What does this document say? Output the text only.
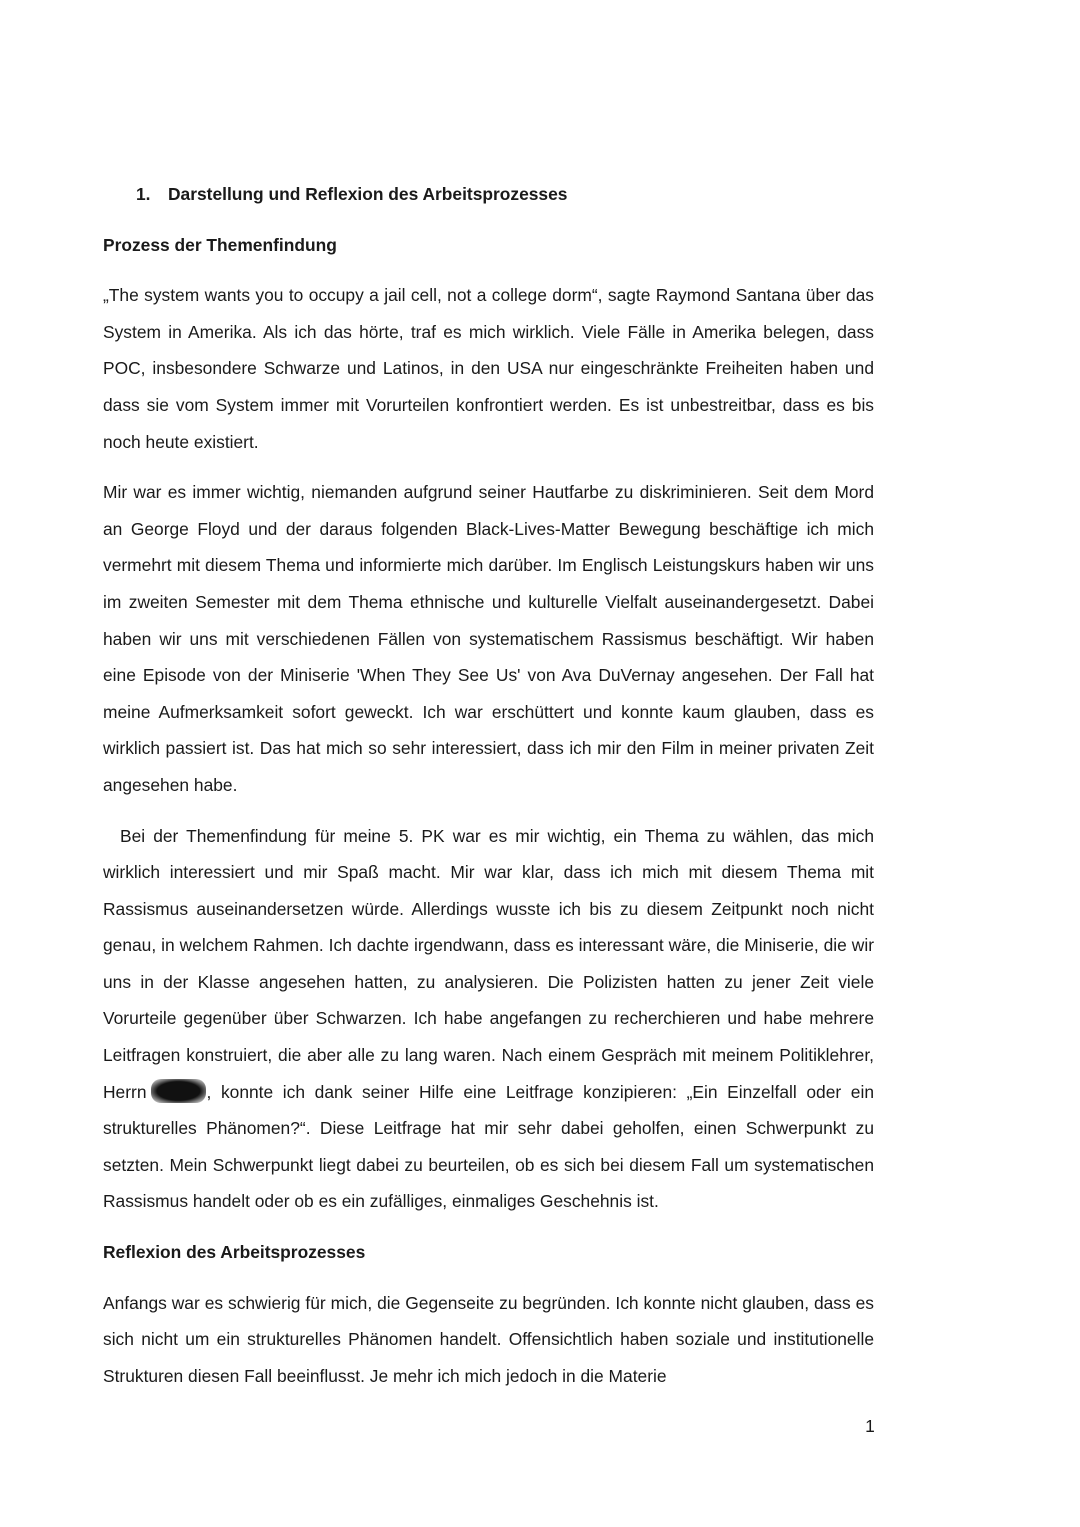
1.	Darstellung und Reflexion des Arbeitsprozesses
Prozess der Themenfindung

„The system wants you to occupy a jail cell, not a college dorm“, sagte Raymond Santana über das System in Amerika. Als ich das hörte, traf es mich wirklich. Viele Fälle in Amerika belegen, dass POC, insbesondere Schwarze und Latinos, in den USA nur eingeschränkte Freiheiten haben und dass sie vom System immer mit Vorurteilen konfrontiert werden. Es ist unbestreitbar, dass es bis noch heute existiert.

Mir war es immer wichtig, niemanden aufgrund seiner Hautfarbe zu diskriminieren. Seit dem Mord an George Floyd und der daraus folgenden Black-Lives-Matter Bewegung beschäftige ich mich vermehrt mit diesem Thema und informierte mich darüber. Im Englisch Leistungskurs haben wir uns im zweiten Semester mit dem Thema ethnische und kulturelle Vielfalt auseinandergesetzt. Dabei haben wir uns mit verschiedenen Fällen von systematischem Rassismus beschäftigt. Wir haben eine Episode von der Miniserie 'When They See Us' von Ava DuVernay angesehen. Der Fall hat meine Aufmerksamkeit sofort geweckt. Ich war erschüttert und konnte kaum glauben, dass es wirklich passiert ist. Das hat mich so sehr interessiert, dass ich mir den Film in meiner privaten Zeit angesehen habe.

Bei der Themenfindung für meine 5. PK war es mir wichtig, ein Thema zu wählen, das mich wirklich interessiert und mir Spaß macht. Mir war klar, dass ich mich mit diesem Thema mit Rassismus auseinandersetzen würde. Allerdings wusste ich bis zu diesem Zeitpunkt noch nicht genau, in welchem Rahmen. Ich dachte irgendwann, dass es interessant wäre, die Miniserie, die wir uns in der Klasse angesehen hatten, zu analysieren. Die Polizisten hatten zu jener Zeit viele Vorurteile gegenüber über Schwarzen. Ich habe angefangen zu recherchieren und habe mehrere Leitfragen konstruiert, die aber alle zu lang waren. Nach einem Gespräch mit meinem Politiklehrer, Herrn	, konnte ich dank seiner Hilfe eine Leitfrage konzipieren: „Ein Einzelfall oder ein strukturelles Phänomen?“. Diese Leitfrage hat mir sehr dabei geholfen, einen Schwerpunkt zu setzten. Mein Schwerpunkt liegt dabei zu beurteilen, ob es sich bei diesem Fall um systematischen Rassismus handelt oder ob es ein zufälliges, einmaliges Geschehnis ist.

Reflexion des Arbeitsprozesses

Anfangs war es schwierig für mich, die Gegenseite zu begründen. Ich konnte nicht glauben, dass es sich nicht um ein strukturelles Phänomen handelt. Offensichtlich haben soziale und institutionelle Strukturen diesen Fall beeinflusst. Je mehr ich mich jedoch in die Materie

1
